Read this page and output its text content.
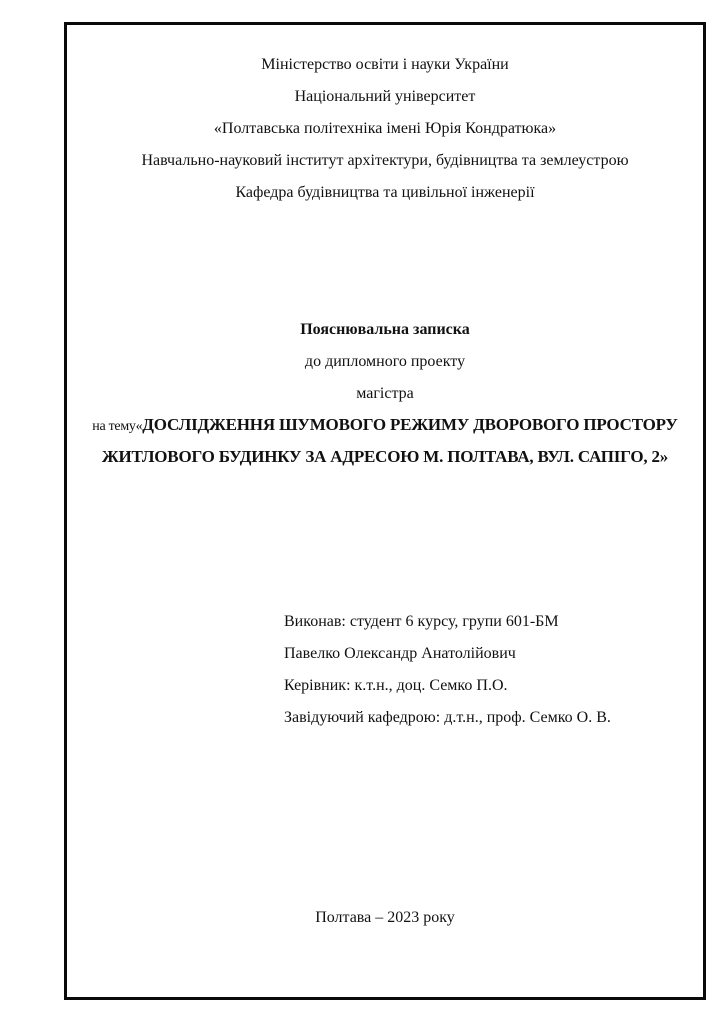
Міністерство освіти і науки України
Національний університет
«Полтавська політехніка імені Юрія Кондратюка»
Навчально-науковий інститут архітектури, будівництва та землеустрою
Кафедра будівництва та цивільної інженерії
Пояснювальна записка
до дипломного проекту
магістра
на тему«ДОСЛІДЖЕННЯ ШУМОВОГО РЕЖИМУ ДВОРОВОГО ПРОСТОРУ
ЖИТЛОВОГО БУДИНКУ ЗА АДРЕСОЮ М. ПОЛТАВА, ВУЛ. САПІГО, 2»
Виконав: студент 6 курсу, групи 601-БМ
Павелко Олександр Анатолійович
Керівник: к.т.н., доц. Семко П.О.
Завідуючий кафедрою: д.т.н., проф. Семко О. В.
Полтава – 2023 року
